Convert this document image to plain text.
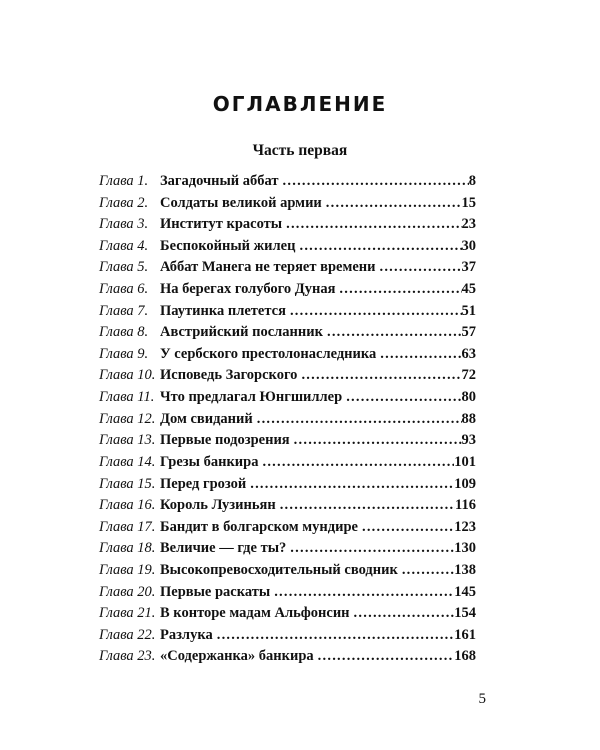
ОГЛАВЛЕНИЕ
Часть первая
Глава 1. Загадочный аббат . . .	8
Глава 2. Солдаты великой армии . . .	15
Глава 3. Институт красоты . . .	23
Глава 4. Беспокойный жилец . . .	30
Глава 5. Аббат Манега не теряет времени . . .	37
Глава 6. На берегах голубого Дуная . . .	45
Глава 7. Паутинка плетется . . .	51
Глава 8. Австрийский посланник . . .	57
Глава 9. У сербского престолонаследника . . .	63
Глава 10. Исповедь Загорского . . .	72
Глава 11. Что предлагал Юнгшиллер . . .	80
Глава 12. Дом свиданий . . .	88
Глава 13. Первые подозрения . . .	93
Глава 14. Грезы банкира . . .	101
Глава 15. Перед грозой . . .	109
Глава 16. Король Лузиньян . . .	116
Глава 17. Бандит в болгарском мундире . . .	123
Глава 18. Величие — где ты? . . .	130
Глава 19. Высокопревосходительный сводник . . .	138
Глава 20. Первые раскаты . . .	145
Глава 21. В конторе мадам Альфонсин . . .	154
Глава 22. Разлука . . .	161
Глава 23. «Содержанка» банкира . . .	168
5
